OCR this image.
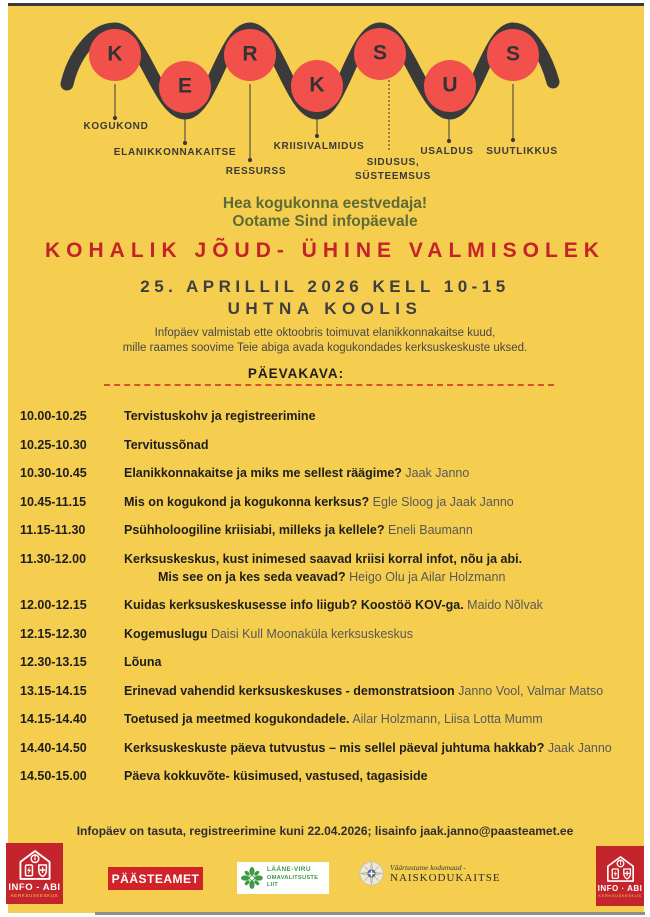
K
E
R
K
S
U
S
KOGUKOND
ELANIKKONNAKAITSE
RESSURSS
KRIISIVALMIDUS
SIDUSUS,
SÜSTEEMSUS
USALDUS SUUTLIKKUS
Hea kogukonna eestvedaja!
Ootame Sind infopäevale
KOHALIK JÕUD- ÜHINE VALMISOLEK
25. APRILLIL 2026 KELL 10-15
UHTNA KOOLIS
Infopäev valmistab ette oktoobris toimuvat elanikkonnakaitse kuud,
mille raames soovime Teie abiga avada kogukondades kerksuskeskuste uksed.
PÄEVAKAVA:
10.00-10.25	Tervistuskohv ja registreerimine
10.25-10.30	Tervitussõnad
10.30-10.45	Elanikkonnakaitse ja miks me sellest räägime? Jaak Janno
10.45-11.15	Mis on kogukond ja kogukonna kerksus? Egle Sloog ja Jaak Janno
11.15-11.30	Psühholoogiline kriisiabi, milleks ja kellele? Eneli Baumann
11.30-12.00	Kerksuskeskus, kust inimesed saavad kriisi korral infot, nõu ja abi.
Mis see on ja kes seda veavad? Heigo Olu ja Ailar Holzmann
12.00-12.15	Kuidas kerksuskeskusesse info liigub? Koostöö KOV-ga. Maido Nõlvak
12.15-12.30	Kogemuslugu Daisi Kull Moonaküla kerksuskeskus
12.30-13.15	Lõuna
13.15-14.15	Erinevad vahendid kerksuskeskuses - demonstratsioon Janno Vool, Valmar Matso
14.15-14.40	Toetused ja meetmed kogukondadele. Ailar Holzmann, Liisa Lotta Mumm
14.40-14.50	Kerksuskeskuste päeva tutvustus – mis sellel päeval juhtuma hakkab? Jaak Janno
14.50-15.00	Päeva kokkuvõte- küsimused, vastused, tagasiside
Infopäev on tasuta, registreerimine kuni 22.04.2026; lisainfo jaak.janno@paasteamet.ee
INFO - ABI
KERKSUSKESKUS
PÄÄSTEAMET
LÄÄNE-VIRU
OMAVALITSUSTE LIIT
Väärtustame kodumaad -
NAISKODUKAITSE
INFO · ABI
KERKSUSKESKUS
